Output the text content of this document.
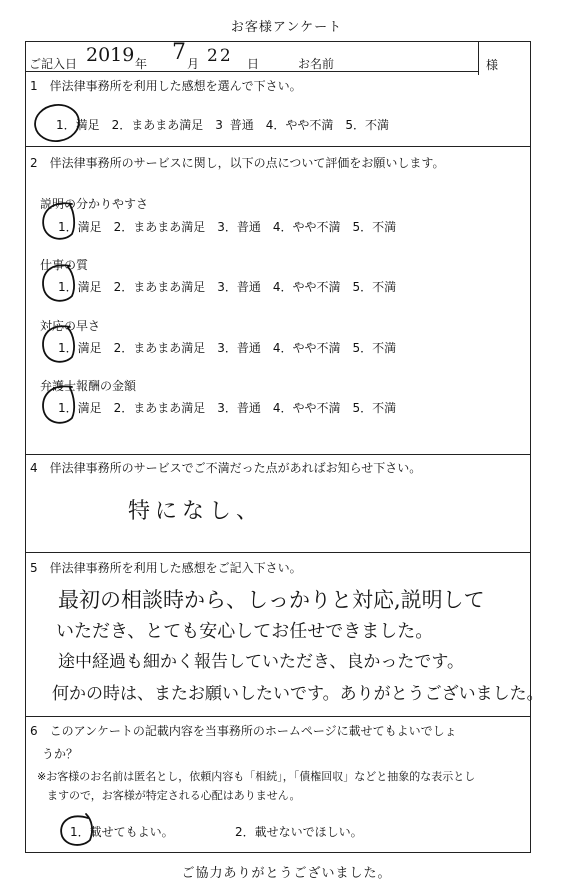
お客様アンケート
ご記入日 2019 年 7 月 22 日	お名前	様
1　伴法律事務所を利用した感想を選んで下さい。
1．満足　2．まあまあ満足　3 普通　4．やや不満　5．不満
2　伴法律事務所のサービスに関し，以下の点について評価をお願いします。
説明の分かりやすさ
1．満足　2．まあまあ満足　3．普通　4．やや不満　5．不満
仕事の質
1．満足　2．まあまあ満足　3．普通　4．やや不満　5．不満
対応の早さ
1．満足　2．まあまあ満足　3．普通　4．やや不満　5．不満
弁護士報酬の金額
1．満足　2．まあまあ満足　3．普通　4．やや不満　5．不満
4　伴法律事務所のサービスでご不満だった点があればお知らせ下さい。
特になし、
5　伴法律事務所を利用した感想をご記入下さい。
最初の相談時から、しっかりと対応,説明して
いただき、とても安心してお任せできました。
途中経過も細かく報告していただき、良かったです。
何かの時は、またお願いしたいです。ありがとうございました。
6　このアンケートの記載内容を当事務所のホームページに載せてもよいでしょ
うか？
※お客様のお名前は匿名とし，依頼内容も「相続」，「債権回収」などと抽象的な表示とし
ますので，お客様が特定される心配はありません。
1．載せてもよい。	2．載せないでほしい。
ご協力ありがとうございました。
